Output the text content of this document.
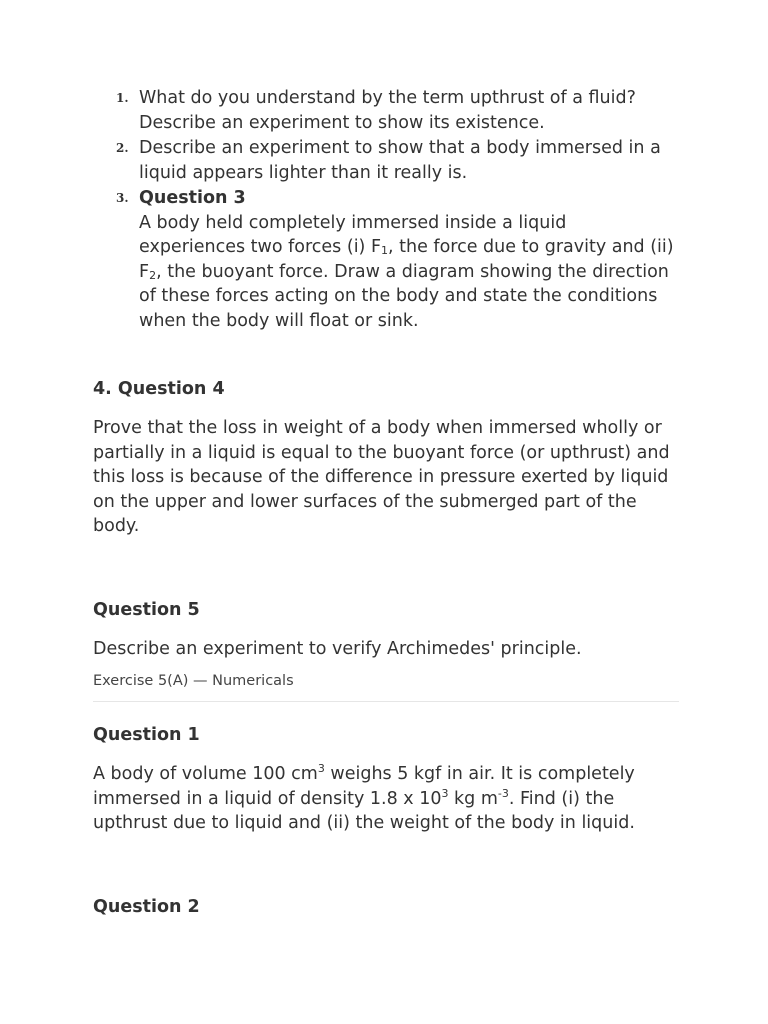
1. What do you understand by the term upthrust of a fluid? Describe an experiment to show its existence.
2. Describe an experiment to show that a body immersed in a liquid appears lighter than it really is.
3. Question 3
A body held completely immersed inside a liquid experiences two forces (i) $F_1$, the force due to gravity and (ii) $F_2$, the buoyant force. Draw a diagram showing the direction of these forces acting on the body and state the conditions when the body will float or sink.
4. Question 4

Prove that the loss in weight of a body when immersed wholly or partially in a liquid is equal to the buoyant force (or upthrust) and this loss is because of the difference in pressure exerted by liquid on the upper and lower surfaces of the submerged part of the body.

Question 5

Describe an experiment to verify Archimedes' principle.

Exercise 5(A) — Numericals
Question 1

A body of volume 100 $cm^3$ weighs 5 kgf in air. It is completely immersed in a liquid of density 1.8 x $10^3$ kg $m^{-3}$. Find (i) the upthrust due to liquid and (ii) the weight of the body in liquid.

Question 2
